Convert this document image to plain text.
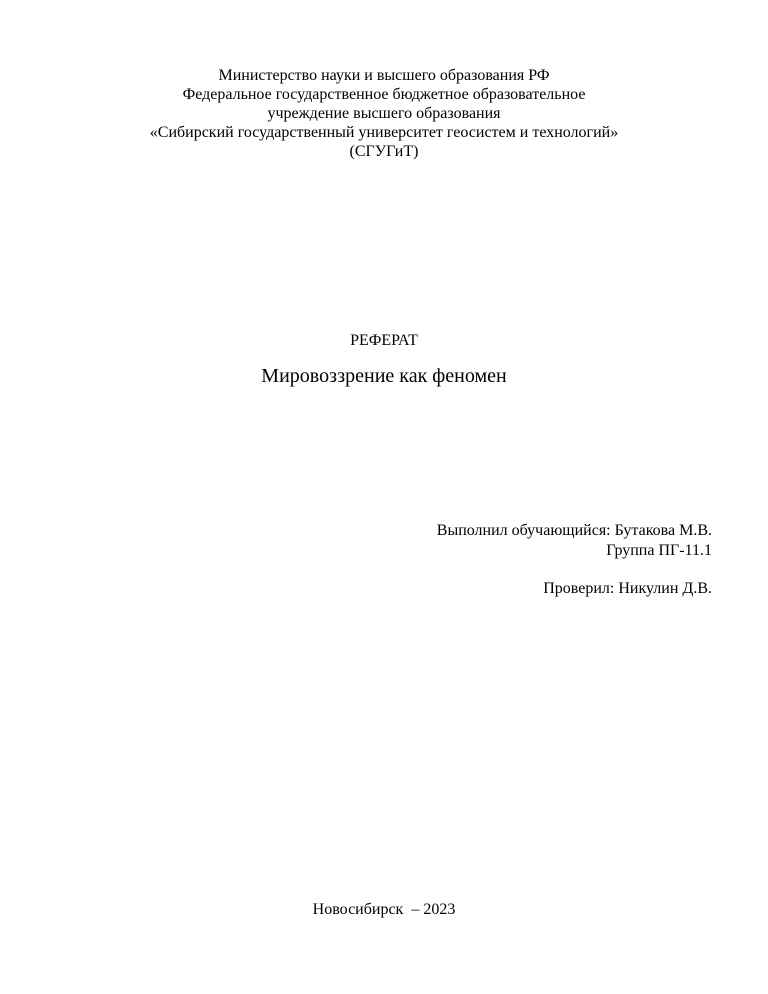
Министерство науки и высшего образования РФ
Федеральное государственное бюджетное образовательное
учреждение высшего образования
«Сибирский государственный университет геосистем и технологий»
(СГУГиТ)
РЕФЕРАТ
Мировоззрение как феномен
Выполнил обучающийся: Бутакова М.В.
Группа ПГ-11.1
Проверил: Никулин Д.В.
Новосибирск  – 2023
